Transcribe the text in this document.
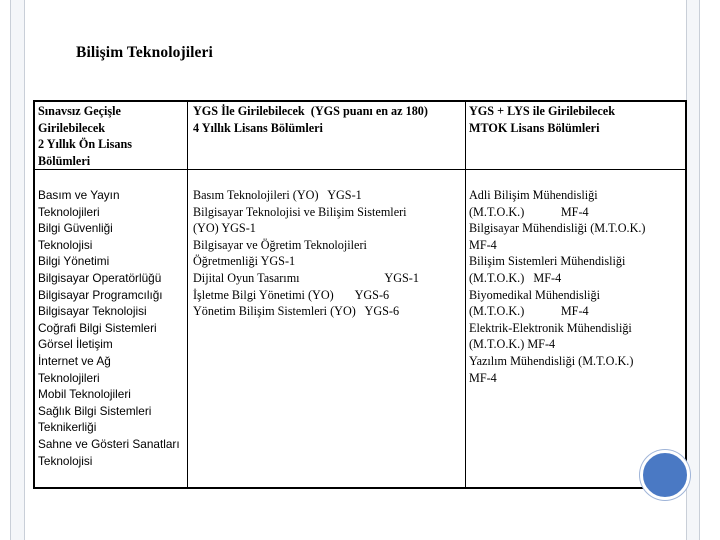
Bilişim Teknolojileri
Sınavsız Geçişle
Girilebilecek
2 Yıllık Ön Lisans
Bölümleri
YGS İle Girilebilecek  (YGS puanı en az 180)
4 Yıllık Lisans Bölümleri
YGS + LYS ile Girilebilecek
MTOK Lisans Bölümleri
Basım ve Yayın
Teknolojileri
Bilgi Güvenliği
Teknolojisi
Bilgi Yönetimi
Bilgisayar Operatörlüğü
Bilgisayar Programcılığı
Bilgisayar Teknolojisi
Coğrafi Bilgi Sistemleri
Görsel İletişim
İnternet ve Ağ
Teknolojileri
Mobil Teknolojileri
Sağlık Bilgi Sistemleri
Teknikerliği
Sahne ve Gösteri Sanatları
Teknolojisi
Basım Teknolojileri (YO)   YGS-1
Bilgisayar Teknolojisi ve Bilişim Sistemleri
(YO) YGS-1
Bilgisayar ve Öğretim Teknolojileri
Öğretmenliği YGS-1
Dijital Oyun Tasarımı                            YGS-1
İşletme Bilgi Yönetimi (YO)       YGS-6
Yönetim Bilişim Sistemleri (YO)   YGS-6
Adli Bilişim Mühendisliği
(M.T.O.K.)            MF-4
Bilgisayar Mühendisliği (M.T.O.K.)
MF-4
Bilişim Sistemleri Mühendisliği
(M.T.O.K.)   MF-4
Biyomedikal Mühendisliği
(M.T.O.K.)            MF-4
Elektrik-Elektronik Mühendisliği
(M.T.O.K.) MF-4
Yazılım Mühendisliği (M.T.O.K.)
MF-4
